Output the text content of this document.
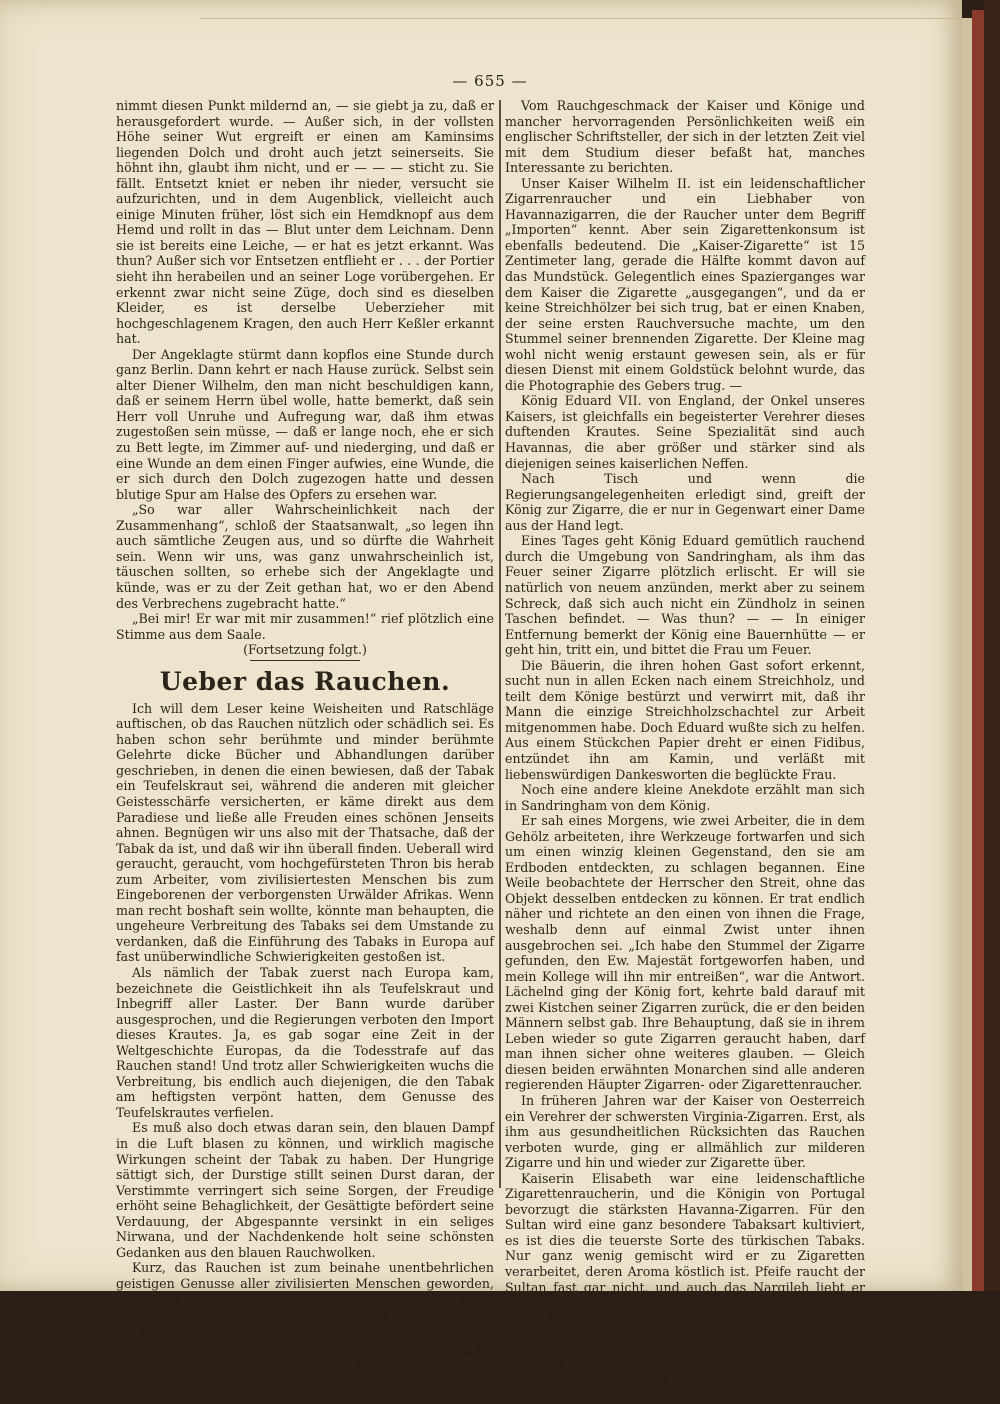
— 655 —

nimmt diesen Punkt mildernd an, — sie giebt ja zu, daß er herausgefordert wurde. — Außer sich, in der vollsten Höhe seiner Wut ergreift er einen am Kaminsims liegenden Dolch und droht auch jetzt seinerseits. Sie höhnt ihn, glaubt ihm nicht, und er — — — sticht zu. Sie fällt. Entsetzt kniet er neben ihr nieder, versucht sie aufzurichten, und in dem Augenblick, vielleicht auch einige Minuten früher, löst sich ein Hemdknopf aus dem Hemd und rollt in das — Blut unter dem Leichnam. Denn sie ist bereits eine Leiche, — er hat es jetzt erkannt. Was thun? Außer sich vor Entsetzen entflieht er . . . der Portier sieht ihn herabeilen und an seiner Loge vorübergehen. Er erkennt zwar nicht seine Züge, doch sind es dieselben Kleider, es ist derselbe Ueberzieher mit hochgeschlagenem Kragen, den auch Herr Keßler erkannt hat.

Der Angeklagte stürmt dann kopflos eine Stunde durch ganz Berlin. Dann kehrt er nach Hause zurück. Selbst sein alter Diener Wilhelm, den man nicht beschuldigen kann, daß er seinem Herrn übel wolle, hatte bemerkt, daß sein Herr voll Unruhe und Aufregung war, daß ihm etwas zugestoßen sein müsse, — daß er lange noch, ehe er sich zu Bett legte, im Zimmer auf- und niederging, und daß er eine Wunde an dem einen Finger aufwies, eine Wunde, die er sich durch den Dolch zugezogen hatte und dessen blutige Spur am Halse des Opfers zu ersehen war.

„So war aller Wahrscheinlichkeit nach der Zusammenhang“, schloß der Staatsanwalt, „so legen ihn auch sämtliche Zeugen aus, und so dürfte die Wahrheit sein. Wenn wir uns, was ganz unwahrscheinlich ist, täuschen sollten, so erhebe sich der Angeklagte und künde, was er zu der Zeit gethan hat, wo er den Abend des Verbrechens zugebracht hatte.“

„Bei mir! Er war mit mir zusammen!“ rief plötzlich eine Stimme aus dem Saale.

(Fortsetzung folgt.)

Ueber das Rauchen.

Ich will dem Leser keine Weisheiten und Ratschläge auftischen, ob das Rauchen nützlich oder schädlich sei. Es haben schon sehr berühmte und minder berühmte Gelehrte dicke Bücher und Abhandlungen darüber geschrieben, in denen die einen bewiesen, daß der Tabak ein Teufelskraut sei, während die anderen mit gleicher Geistesschärfe versicherten, er käme direkt aus dem Paradiese und ließe alle Freuden eines schönen Jenseits ahnen. Begnügen wir uns also mit der Thatsache, daß der Tabak da ist, und daß wir ihn überall finden. Ueberall wird geraucht, geraucht, vom hochgefürsteten Thron bis herab zum Arbeiter, vom zivilisiertesten Menschen bis zum Eingeborenen der verborgensten Urwälder Afrikas. Wenn man recht boshaft sein wollte, könnte man behaupten, die ungeheure Verbreitung des Tabaks sei dem Umstande zu verdanken, daß die Einführung des Tabaks in Europa auf fast unüberwindliche Schwierigkeiten gestoßen ist.

Als nämlich der Tabak zuerst nach Europa kam, bezeichnete die Geistlichkeit ihn als Teufelskraut und Inbegriff aller Laster. Der Bann wurde darüber ausgesprochen, und die Regierungen verboten den Import dieses Krautes. Ja, es gab sogar eine Zeit in der Weltgeschichte Europas, da die Todesstrafe auf das Rauchen stand! Und trotz aller Schwierigkeiten wuchs die Verbreitung, bis endlich auch diejenigen, die den Tabak am heftigsten verpönt hatten, dem Genusse des Teufelskrautes verfielen.

Es muß also doch etwas daran sein, den blauen Dampf in die Luft blasen zu können, und wirklich magische Wirkungen scheint der Tabak zu haben. Der Hungrige sättigt sich, der Durstige stillt seinen Durst daran, der Verstimmte verringert sich seine Sorgen, der Freudige erhöht seine Behaglichkeit, der Gesättigte befördert seine Verdauung, der Abgespannte versinkt in ein seliges Nirwana, und der Nachdenkende holt seine schönsten Gedanken aus den blauen Rauchwolken.

Kurz, das Rauchen ist zum beinahe unentbehrlichen geistigen Genusse aller zivilisierten Menschen geworden, und man kann sagen, daß Menschen, an die das Leben große Anforderungen gestellt hat, die viel geistig arbeiten, fast durchweg starke Raucher sind. Es braucht nicht erst versichert zu werden, daß die Geschmacksrichtungen in betreff des Tabaks sehr verschieden sind. So viel Sorten, so viel „Geschmäcker“.

Vom Rauchgeschmack der Kaiser und Könige und mancher hervorragenden Persönlichkeiten weiß ein englischer Schriftsteller, der sich in der letzten Zeit viel mit dem Studium dieser befaßt hat, manches Interessante zu berichten.

Unser Kaiser Wilhelm II. ist ein leidenschaftlicher Zigarrenraucher und ein Liebhaber von Havannazigarren, die der Raucher unter dem Begriff „Importen“ kennt. Aber sein Zigarettenkonsum ist ebenfalls bedeutend. Die „Kaiser-Zigarette“ ist 15 Zentimeter lang, gerade die Hälfte kommt davon auf das Mundstück. Gelegentlich eines Spazierganges war dem Kaiser die Zigarette „ausgegangen“, und da er keine Streichhölzer bei sich trug, bat er einen Knaben, der seine ersten Rauchversuche machte, um den Stummel seiner brennenden Zigarette. Der Kleine mag wohl nicht wenig erstaunt gewesen sein, als er für diesen Dienst mit einem Goldstück belohnt wurde, das die Photographie des Gebers trug. —

König Eduard VII. von England, der Onkel unseres Kaisers, ist gleichfalls ein begeisterter Verehrer dieses duftenden Krautes. Seine Spezialität sind auch Havannas, die aber größer und stärker sind als diejenigen seines kaiserlichen Neffen.

Nach Tisch und wenn die Regierungsangelegenheiten erledigt sind, greift der König zur Zigarre, die er nur in Gegenwart einer Dame aus der Hand legt.

Eines Tages geht König Eduard gemütlich rauchend durch die Umgebung von Sandringham, als ihm das Feuer seiner Zigarre plötzlich erlischt. Er will sie natürlich von neuem anzünden, merkt aber zu seinem Schreck, daß sich auch nicht ein Zündholz in seinen Taschen befindet. — Was thun? — — In einiger Entfernung bemerkt der König eine Bauernhütte — er geht hin, tritt ein, und bittet die Frau um Feuer.

Die Bäuerin, die ihren hohen Gast sofort erkennt, sucht nun in allen Ecken nach einem Streichholz, und teilt dem Könige bestürzt und verwirrt mit, daß ihr Mann die einzige Streichholzschachtel zur Arbeit mitgenommen habe. Doch Eduard wußte sich zu helfen. Aus einem Stückchen Papier dreht er einen Fidibus, entzündet ihn am Kamin, und verläßt mit liebenswürdigen Dankesworten die beglückte Frau.

Noch eine andere kleine Anekdote erzählt man sich in Sandringham von dem König.

Er sah eines Morgens, wie zwei Arbeiter, die in dem Gehölz arbeiteten, ihre Werkzeuge fortwarfen und sich um einen winzig kleinen Gegenstand, den sie am Erdboden entdeckten, zu schlagen begannen. Eine Weile beobachtete der Herrscher den Streit, ohne das Objekt desselben entdecken zu können. Er trat endlich näher und richtete an den einen von ihnen die Frage, weshalb denn auf einmal Zwist unter ihnen ausgebrochen sei. „Ich habe den Stummel der Zigarre gefunden, den Ew. Majestät fortgeworfen haben, und mein Kollege will ihn mir entreißen“, war die Antwort. Lächelnd ging der König fort, kehrte bald darauf mit zwei Kistchen seiner Zigarren zurück, die er den beiden Männern selbst gab. Ihre Behauptung, daß sie in ihrem Leben wieder so gute Zigarren geraucht haben, darf man ihnen sicher ohne weiteres glauben. — Gleich diesen beiden erwähnten Monarchen sind alle anderen regierenden Häupter Zigarren- oder Zigarettenraucher.

In früheren Jahren war der Kaiser von Oesterreich ein Verehrer der schwersten Virginia-Zigarren. Erst, als ihm aus gesundheitlichen Rücksichten das Rauchen verboten wurde, ging er allmählich zur milderen Zigarre und hin und wieder zur Zigarette über.

Kaiserin Elisabeth war eine leidenschaftliche Zigarettenraucherin, und die Königin von Portugal bevorzugt die stärksten Havanna-Zigarren. Für den Sultan wird eine ganz besondere Tabaksart kultiviert, es ist dies die teuerste Sorte des türkischen Tabaks. Nur ganz wenig gemischt wird er zu Zigaretten verarbeitet, deren Aroma köstlich ist. Pfeife raucht der Sultan fast gar nicht, und auch das Nargileh liebt er nicht besonders. Trotzdem die Sitte des Rauchens zuletzt nach dem Orient gekommen ist, finden wir unter den indischen Fürsten die passioniertesten Raucher.

Die Zigarren und Zigaretten der Kaiser, Könige und Fürsten haben gewissermaßen einen diplomatischen Charakter. Aus den feinen blau-grauen Wolken entwirren
